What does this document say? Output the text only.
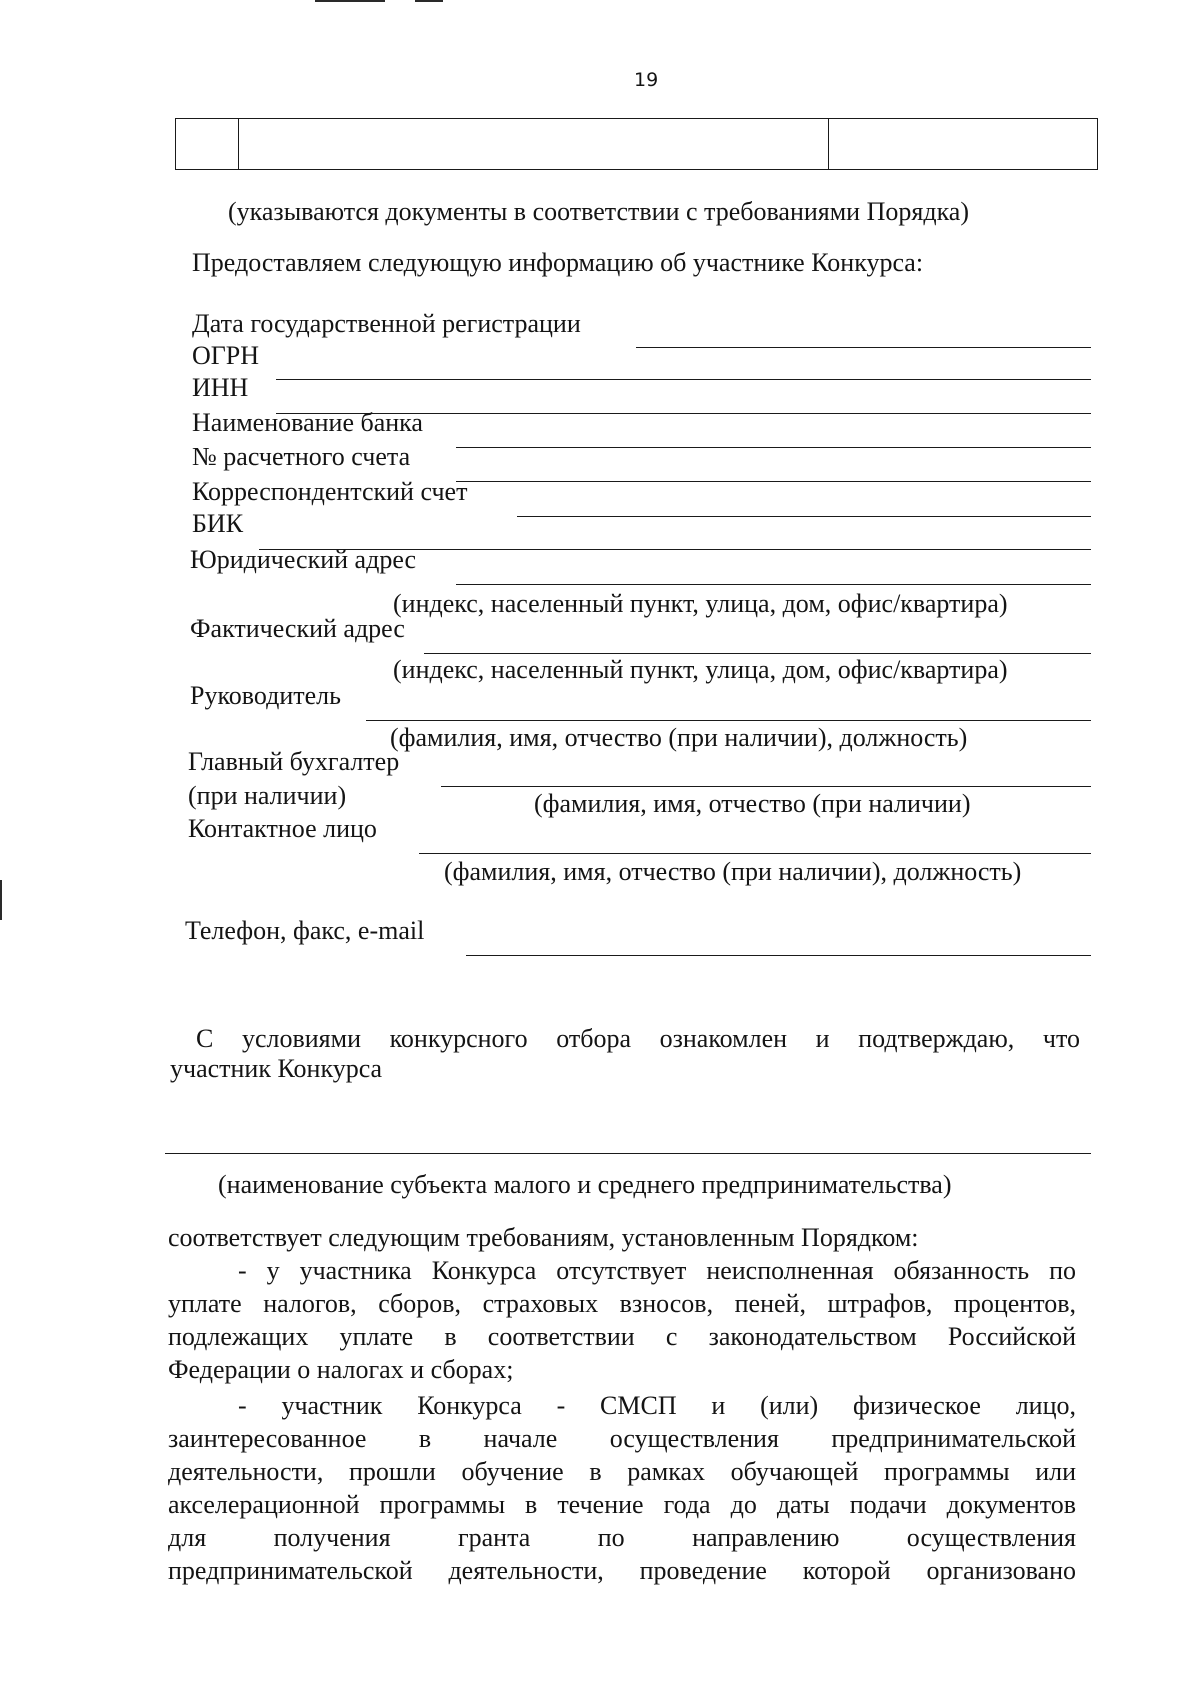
19
(указываются документы в соответствии с требованиями Порядка)
Предоставляем следующую информацию об участнике Конкурса:
Дата государственной регистрации
ОГРН
ИНН
Наименование банка
№ расчетного счета
Корреспондентский счет
БИК
Юридический адрес
(индекс, населенный пункт, улица, дом, офис/квартира)
Фактический адрес
(индекс, населенный пункт, улица, дом, офис/квартира)
Руководитель
(фамилия, имя, отчество (при наличии), должность)
Главный бухгалтер
(при наличии)	(фамилия, имя, отчество (при наличии)
Контактное лицо
(фамилия, имя, отчество (при наличии), должность)
Телефон, факс, e-mail
С условиями конкурсного отбора ознакомлен и подтверждаю, что
участник Конкурса
(наименование субъекта малого и среднего предпринимательства)
соответствует следующим требованиям, установленным Порядком:
- у участника Конкурса отсутствует неисполненная обязанность по
уплате налогов, сборов, страховых взносов, пеней, штрафов, процентов,
подлежащих уплате в соответствии с законодательством Российской
Федерации о налогах и сборах;
- участник Конкурса - СМСП и (или) физическое лицо,
заинтересованное в начале осуществления предпринимательской
деятельности, прошли обучение в рамках обучающей программы или
акселерационной программы в течение года до даты подачи документов
для получения гранта по направлению осуществления
предпринимательской деятельности, проведение которой организовано
